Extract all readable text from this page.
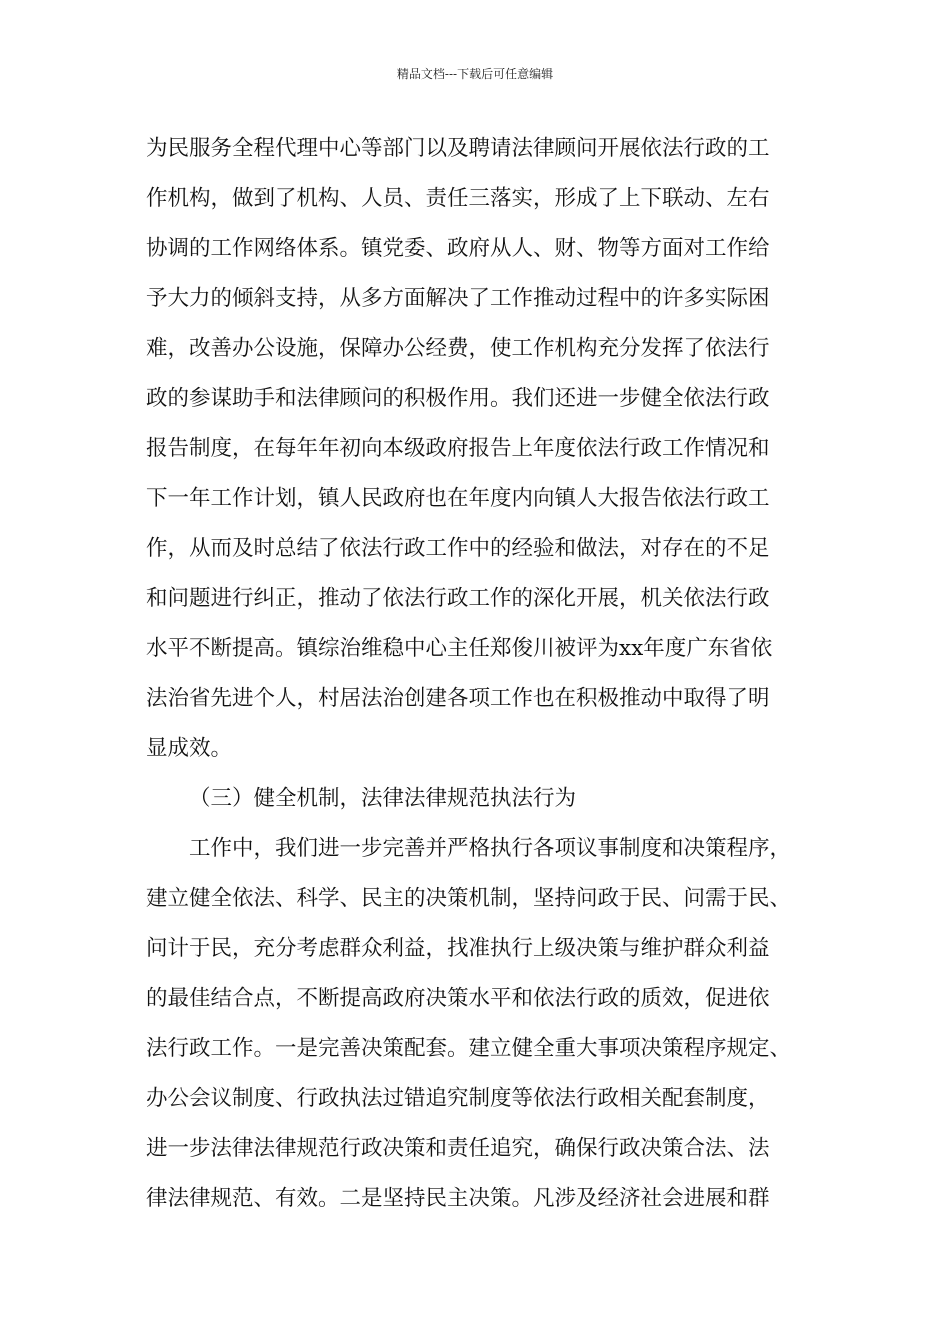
精品文档---下载后可任意编辑
为民服务全程代理中心等部门以及聘请法律顾问开展依法行政的工
作机构，做到了机构、人员、责任三落实，形成了上下联动、左右
协调的工作网络体系。镇党委、政府从人、财、物等方面对工作给
予大力的倾斜支持，从多方面解决了工作推动过程中的许多实际困
难，改善办公设施，保障办公经费，使工作机构充分发挥了依法行
政的参谋助手和法律顾问的积极作用。我们还进一步健全依法行政
报告制度，在每年年初向本级政府报告上年度依法行政工作情况和
下一年工作计划，镇人民政府也在年度内向镇人大报告依法行政工
作，从而及时总结了依法行政工作中的经验和做法，对存在的不足
和问题进行纠正，推动了依法行政工作的深化开展，机关依法行政
水平不断提高。镇综治维稳中心主任郑俊川被评为xx年度广东省依
法治省先进个人，村居法治创建各项工作也在积极推动中取得了明
显成效。
（三）健全机制，法律法律规范执法行为
工作中，我们进一步完善并严格执行各项议事制度和决策程序，
建立健全依法、科学、民主的决策机制，坚持问政于民、问需于民、
问计于民，充分考虑群众利益，找准执行上级决策与维护群众利益
的最佳结合点，不断提高政府决策水平和依法行政的质效，促进依
法行政工作。一是完善决策配套。建立健全重大事项决策程序规定、
办公会议制度、行政执法过错追究制度等依法行政相关配套制度，
进一步法律法律规范行政决策和责任追究，确保行政决策合法、法
律法律规范、有效。二是坚持民主决策。凡涉及经济社会进展和群
